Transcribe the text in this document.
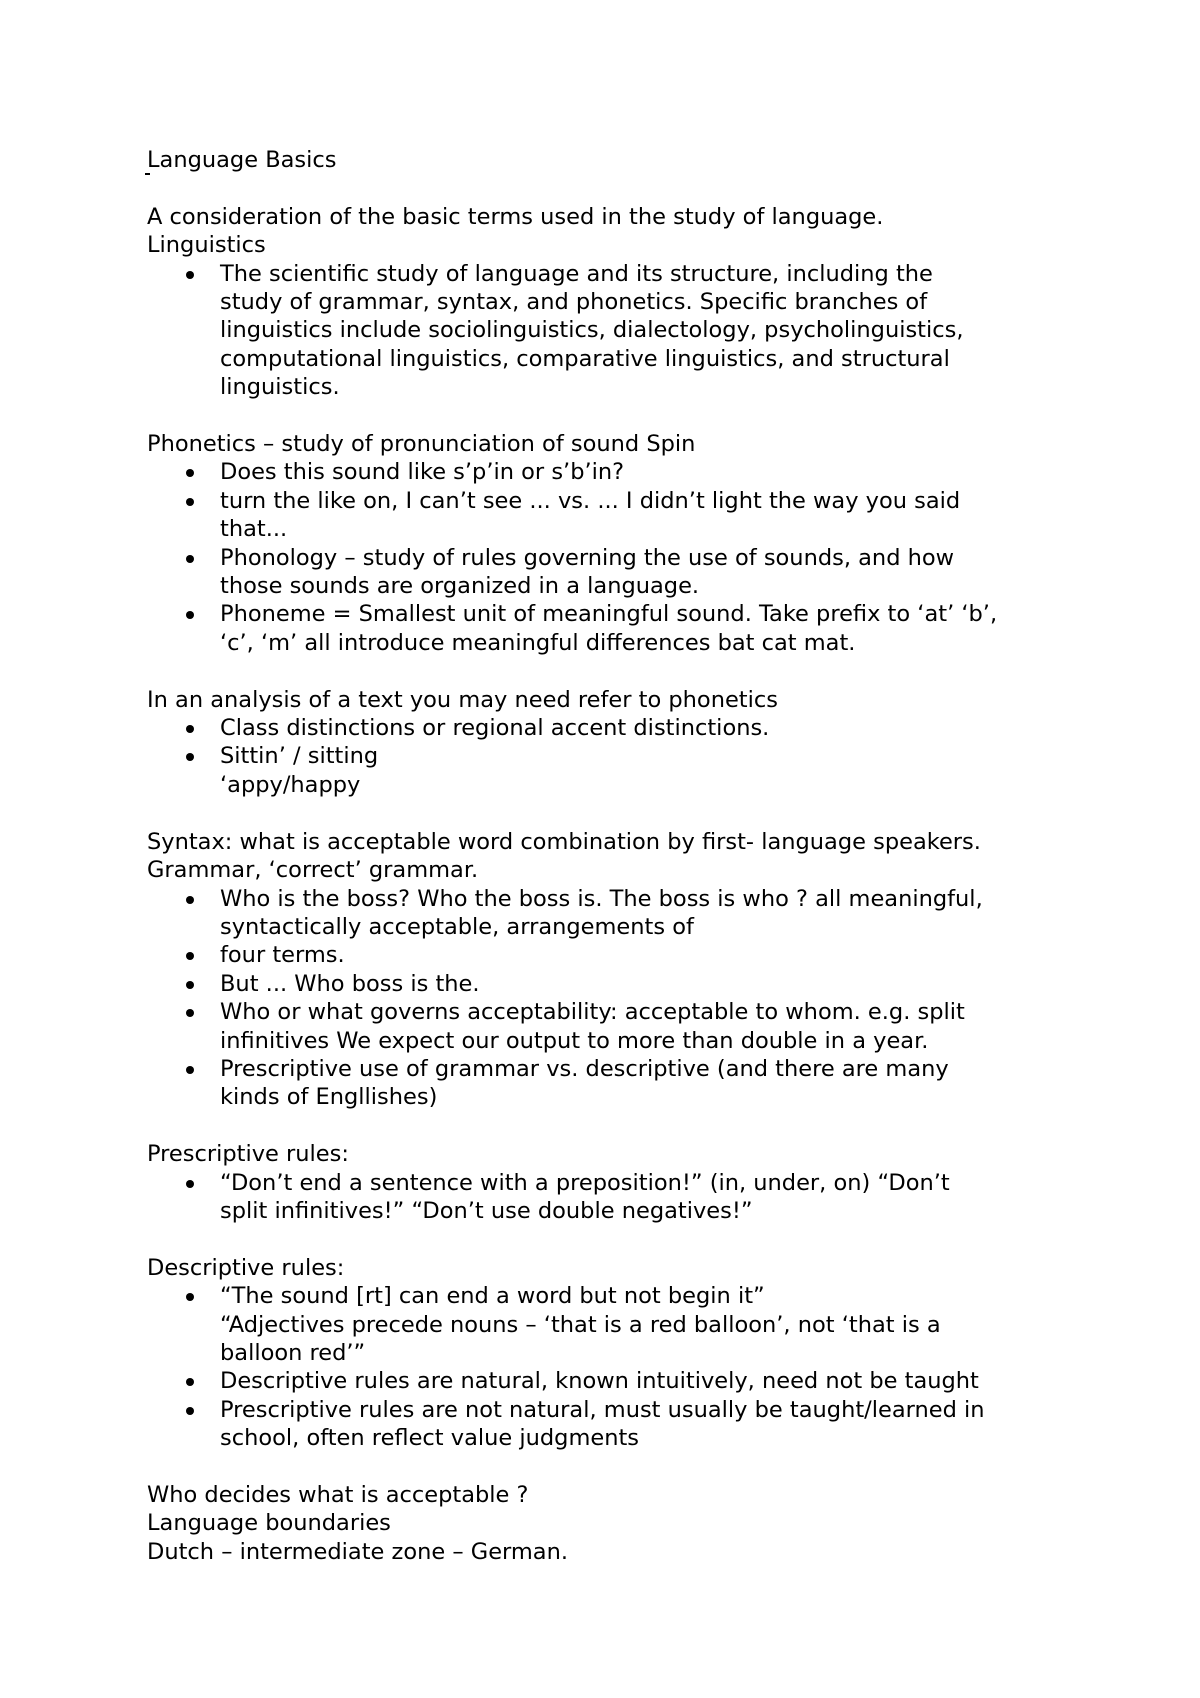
Language Basics

A consideration of the basic terms used in the study of language.

Linguistics

The scientific study of language and its structure, including the

study of grammar, syntax, and phonetics. Specific branches of

linguistics include sociolinguistics, dialectology, psycholinguistics,

computational linguistics, comparative linguistics, and structural

linguistics.

Phonetics – study of pronunciation of sound Spin

Does this sound like s’p’in or s’b’in?

turn the like on, I can’t see ... vs. ... I didn’t light the way you said

that...

Phonology – study of rules governing the use of sounds, and how

those sounds are organized in a language.

Phoneme = Smallest unit of meaningful sound. Take prefix to ‘at’ ‘b’,

‘c’, ‘m’ all introduce meaningful differences bat cat mat.

In an analysis of a text you may need refer to phonetics

Class distinctions or regional accent distinctions.

Sittin’ / sitting

‘appy/happy

Syntax: what is acceptable word combination by first- language speakers.

Grammar, ‘correct’ grammar.

Who is the boss? Who the boss is. The boss is who ? all meaningful,

syntactically acceptable, arrangements of

four terms.

But ... Who boss is the.

Who or what governs acceptability: acceptable to whom. e.g. split

infinitives We expect our output to more than double in a year.

Prescriptive use of grammar vs. descriptive (and there are many

kinds of Engllishes)

Prescriptive rules:

“Don’t end a sentence with a preposition!” (in, under, on) “Don’t

split infinitives!” “Don’t use double negatives!”

Descriptive rules:

“The sound [rt] can end a word but not begin it”

“Adjectives precede nouns – ‘that is a red balloon’, not ‘that is a

balloon red’”

Descriptive rules are natural, known intuitively, need not be taught

Prescriptive rules are not natural, must usually be taught/learned in

school, often reflect value judgments

Who decides what is acceptable ?

Language boundaries

Dutch – intermediate zone – German.
